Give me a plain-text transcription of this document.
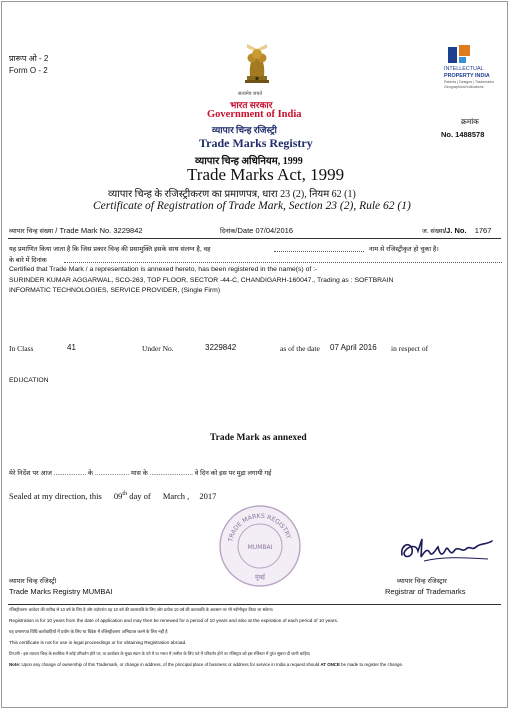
प्रारूप ओ - 2
Form O - 2
सत्यमेव जयते
INTELLECTUAL
PROPERTY INDIA
Patents | Designs | Trademarks
Geographical Indications
भारत सरकार
Government of India
व्यापार चिन्ह रजिस्ट्री
Trade Marks Registry
क्रमांक
No. 1488578
व्यापार चिन्ह अधिनियम, 1999
Trade Marks Act, 1999
व्यापार चिन्ह के रजिस्ट्रीकरण का प्रमाणपत्र, धारा 23 (2), नियम 62 (1)
Certificate of Registration of Trade Mark, Section 23 (2), Rule 62 (1)
व्यापार चिन्ह संख्या / Trade Mark No. 3229842	दिनांक/Date 07/04/2016	ज. संख्या/J. No. 1767
यह प्रमाणित किया जाता है कि जिस प्रकार चिन्ह की प्रसामुक्ति इसके साथ संलग्न है, वह	नाम से रजिस्ट्रीकृत हो चुका है।
के बारे में दिनांक
Certified that Trade Mark / a representation is annexed hereto, has been registered in the name(s) of :-
SURINDER KUMAR AGGARWAL, SCO-263, TOP FLOOR, SECTOR -44-C, CHANDIGARH-160047., Trading as : SOFTBRAIN
INFORMATIC TECHNOLOGIES, SERVICE PROVIDER, (Single Firm)
In Class	41	Under No.	3229842	as of the date 07 April 2016 in respect of
EDUCATION
Trade Mark as annexed
मेरे निर्देश पर आज .................. के ................... मास के ........................ वे दिन को इस पर मुद्रा लगायी गई
Sealed at my direction, this 09th day of March , 2017
TRADE MARKS REGISTRY
MUMBAI
मुंबई
व्यापार चिन्ह रजिस्ट्री
Trade Marks Registry MUMBAI
व्यापार चिन्ह रजिस्ट्रार
Registrar of Trademarks
रजिस्ट्रीकरण आवेदन की तारीख से 10 वर्ष के लिए है और तदोपरांत यह 10 वर्ष की कालावधि के लिए और प्रत्येक 10 वर्ष की कालावधि के अवसान पर भी नवीनीकृत किया जा सकेगा।
Registration is for 10 years from the date of application and may then be renewed for a period of 10 years and also at the expiration of each period of 10 years.
यह प्रमाणपत्र विधि कार्यवाहियों में प्रयोग के लिए या विदेश में रजिस्ट्रीकरण अभिप्राप्त करने के लिए नहीं है
This certificate is not for use in legal proceedings or for obtaining Registration abroad.
टिप्पणी - इस व्यापार चिन्ह के स्वामित्व में कोई परिवर्तन होने पर, या कारोबार के मुख्य स्थान के पते में या भारत में तामील के लिए पते में परिवर्तन होने पर रजिस्ट्रार को इस रजिस्टर में तुरंत सूचना दी जानी चाहिए।
Note: Upon any change of ownership of this Trademark, or change in address, of the principal place of business or address for service in India a request should AT ONCE be made to register the change.
